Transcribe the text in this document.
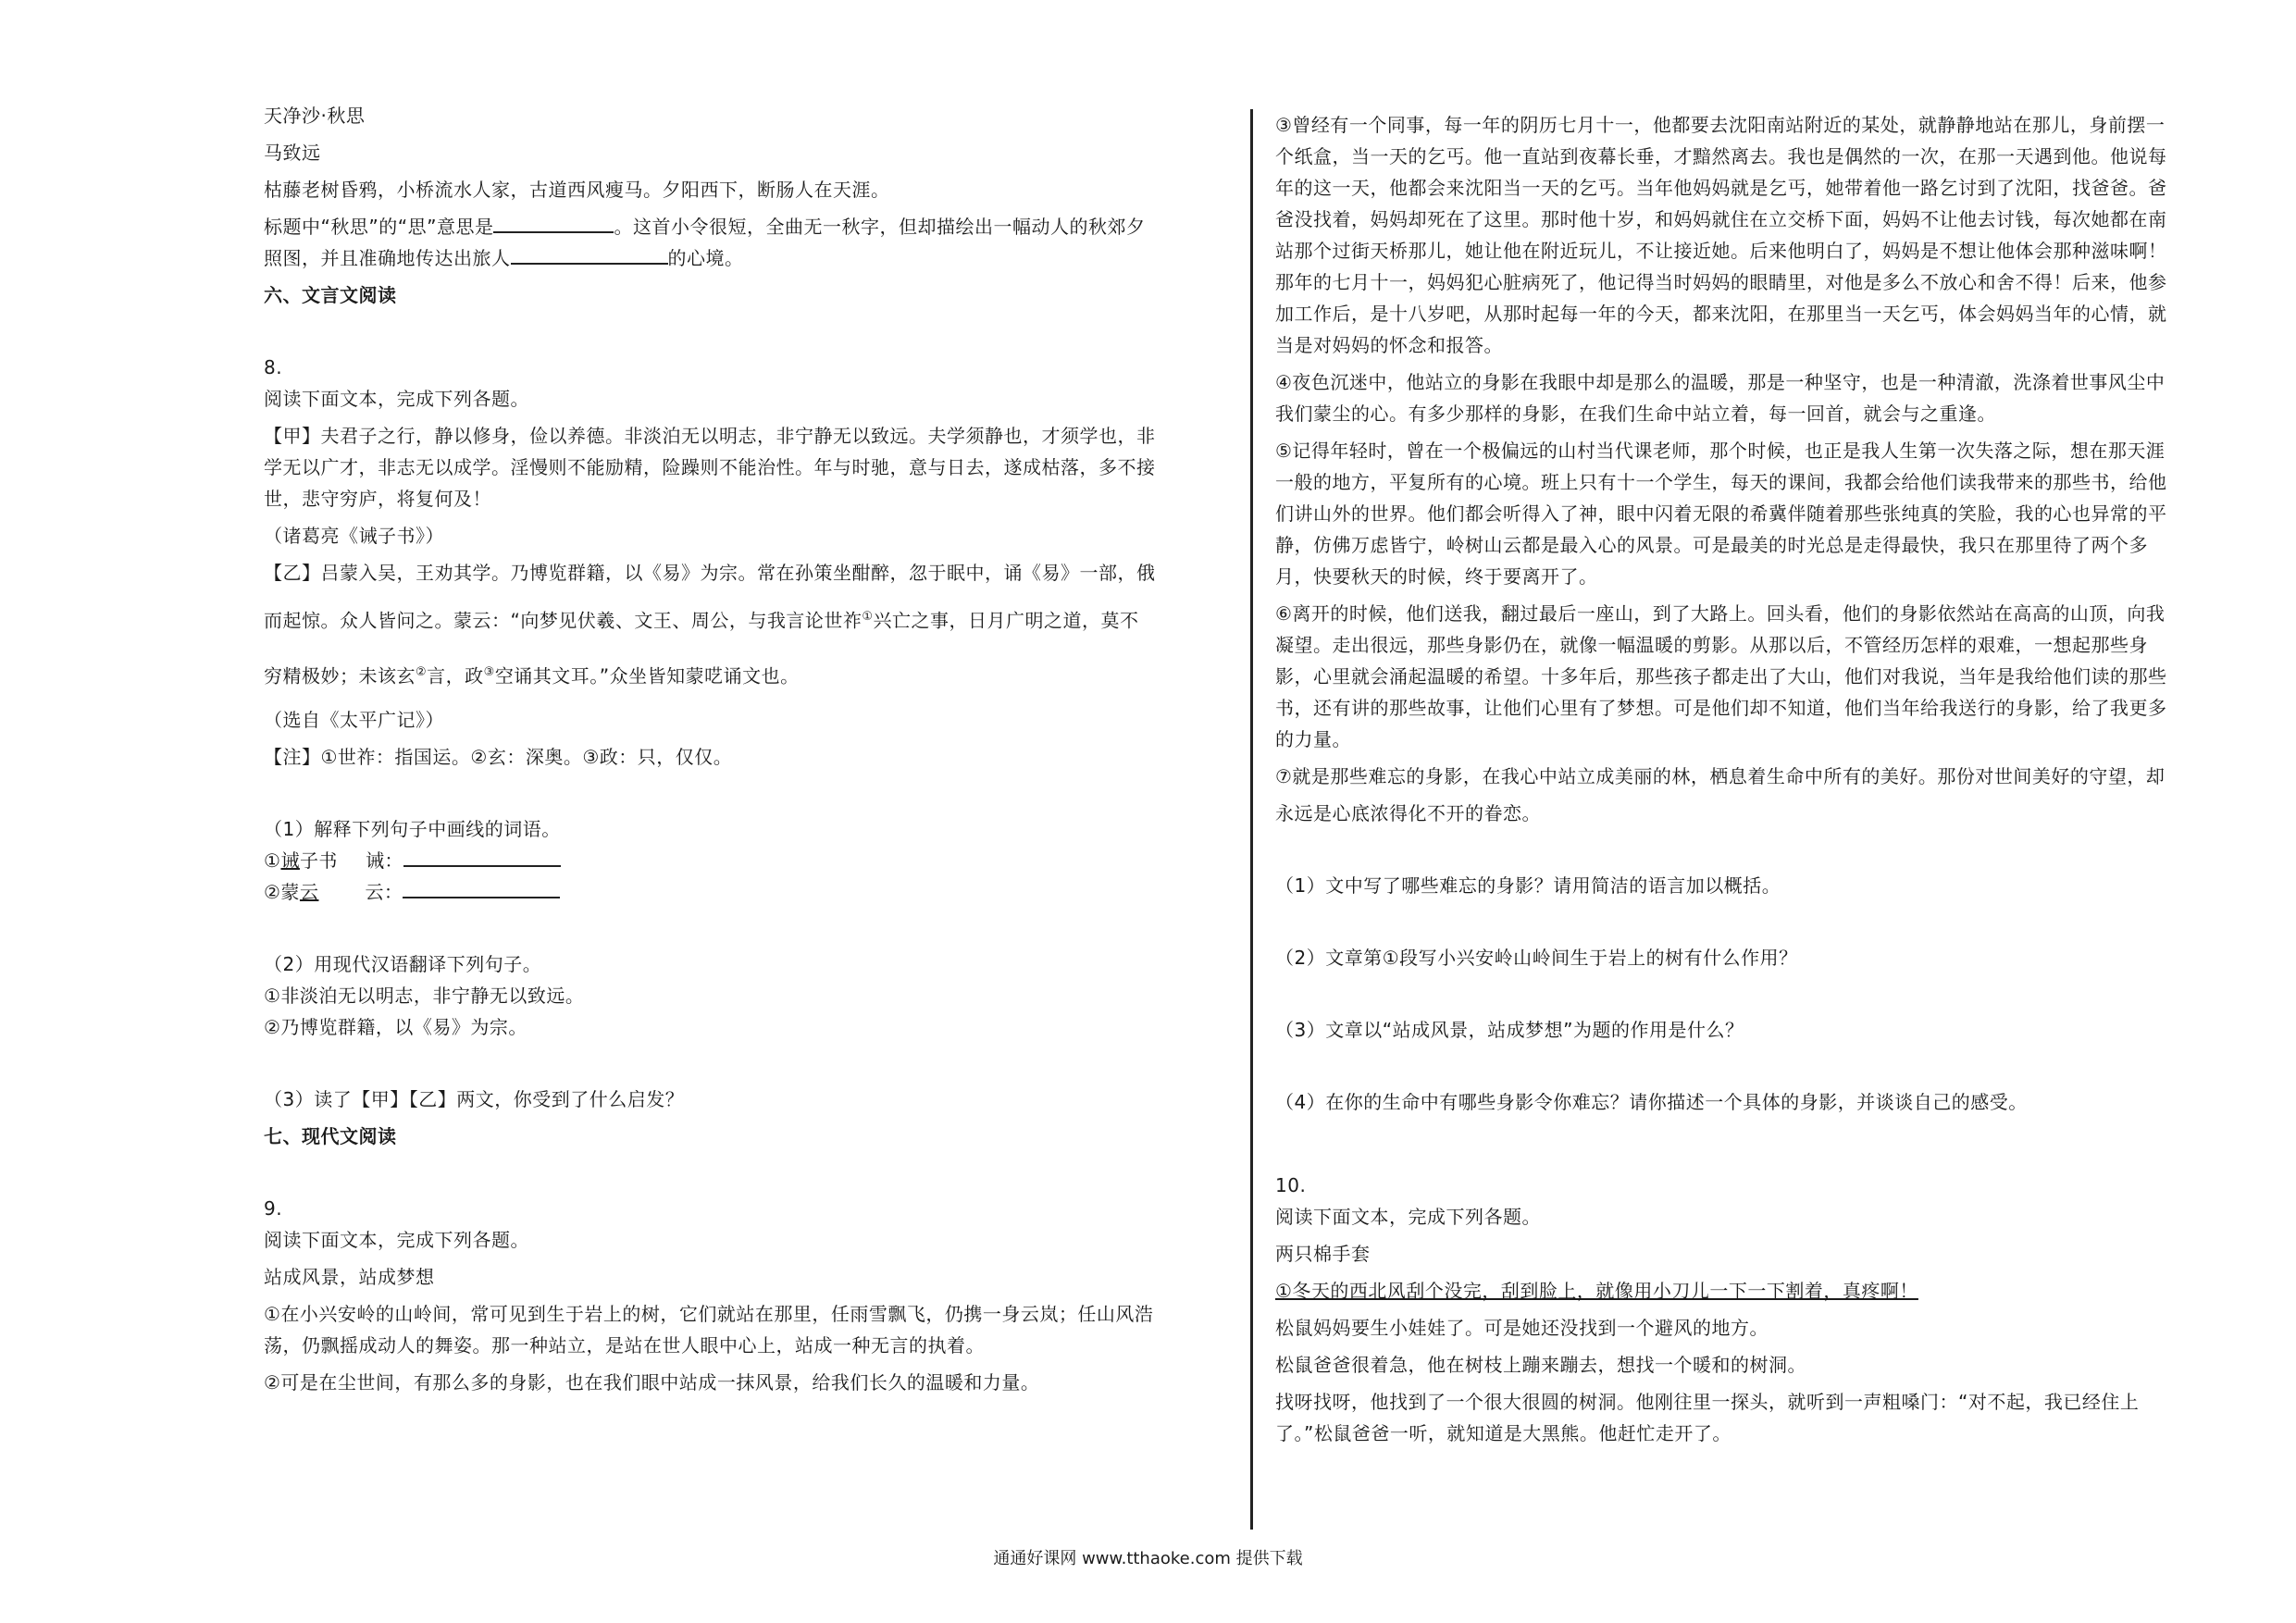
天净沙·秋思

马致远

枯藤老树昏鸦，小桥流水人家，古道西风瘦马。夕阳西下，断肠人在天涯。

标题中“秋思”的“思”意思是	。这首小令很短，全曲无一秋字，但却描绘出一幅动人的秋郊夕

照图，并且准确地传达出旅人	的心境。

六、文言文阅读

8.

阅读下面文本，完成下列各题。

【甲】夫君子之行，静以修身，俭以养德。非淡泊无以明志，非宁静无以致远。夫学须静也，才须学也，非

学无以广才，非志无以成学。淫慢则不能励精，险躁则不能治性。年与时驰，意与日去，遂成枯落，多不接

世，悲守穷庐，将复何及！

（诸葛亮《诫子书》）

【乙】吕蒙入吴，王劝其学。乃博览群籍，以《易》为宗。常在孙策坐酣醉，忽于眠中，诵《易》一部，俄

而起惊。众人皆问之。蒙云：“向梦见伏羲、文王、周公，与我言论世祚①兴亡之事，日月广明之道，莫不

穷精极妙；未该玄②言，政③空诵其文耳。”众坐皆知蒙呓诵文也。

（选自《太平广记》）

【注】①世祚：指国运。②玄：深奥。③政：只，仅仅。

（1）解释下列句子中画线的词语。

①诫子书 诫：

②蒙云	云：

（2）用现代汉语翻译下列句子。

①非淡泊无以明志，非宁静无以致远。

②乃博览群籍，以《易》为宗。

（3）读了【甲】【乙】两文，你受到了什么启发？

七、现代文阅读

9.

阅读下面文本，完成下列各题。

站成风景，站成梦想

①在小兴安岭的山岭间，常可见到生于岩上的树，它们就站在那里，任雨雪飘飞，仍携一身云岚；任山风浩

荡，仍飘摇成动人的舞姿。那一种站立，是站在世人眼中心上，站成一种无言的执着。

②可是在尘世间，有那么多的身影，也在我们眼中站成一抹风景，给我们长久的温暖和力量。

③曾经有一个同事，每一年的阴历七月十一，他都要去沈阳南站附近的某处，就静静地站在那儿，身前摆一

个纸盒，当一天的乞丐。他一直站到夜幕长垂，才黯然离去。我也是偶然的一次，在那一天遇到他。他说每

年的这一天，他都会来沈阳当一天的乞丐。当年他妈妈就是乞丐，她带着他一路乞讨到了沈阳，找爸爸。爸

爸没找着，妈妈却死在了这里。那时他十岁，和妈妈就住在立交桥下面，妈妈不让他去讨钱，每次她都在南

站那个过街天桥那儿，她让他在附近玩儿，不让接近她。后来他明白了，妈妈是不想让他体会那种滋味啊！

那年的七月十一，妈妈犯心脏病死了，他记得当时妈妈的眼睛里，对他是多么不放心和舍不得！后来，他参

加工作后，是十八岁吧，从那时起每一年的今天，都来沈阳，在那里当一天乞丐，体会妈妈当年的心情，就

当是对妈妈的怀念和报答。

④夜色沉迷中，他站立的身影在我眼中却是那么的温暖，那是一种坚守，也是一种清澈，洗涤着世事风尘中

我们蒙尘的心。有多少那样的身影，在我们生命中站立着，每一回首，就会与之重逢。

⑤记得年轻时，曾在一个极偏远的山村当代课老师，那个时候，也正是我人生第一次失落之际，想在那天涯

一般的地方，平复所有的心境。班上只有十一个学生，每天的课间，我都会给他们读我带来的那些书，给他

们讲山外的世界。他们都会听得入了神，眼中闪着无限的希冀伴随着那些张纯真的笑脸，我的心也异常的平

静，仿佛万虑皆宁，岭树山云都是最入心的风景。可是最美的时光总是走得最快，我只在那里待了两个多

月，快要秋天的时候，终于要离开了。

⑥离开的时候，他们送我，翻过最后一座山，到了大路上。回头看，他们的身影依然站在高高的山顶，向我

凝望。走出很远，那些身影仍在，就像一幅温暖的剪影。从那以后，不管经历怎样的艰难，一想起那些身

影，心里就会涌起温暖的希望。十多年后，那些孩子都走出了大山，他们对我说，当年是我给他们读的那些

书，还有讲的那些故事，让他们心里有了梦想。可是他们却不知道，他们当年给我送行的身影，给了我更多

的力量。

⑦就是那些难忘的身影，在我心中站立成美丽的林，栖息着生命中所有的美好。那份对世间美好的守望，却

永远是心底浓得化不开的眷恋。

（1）文中写了哪些难忘的身影？请用简洁的语言加以概括。

（2）文章第①段写小兴安岭山岭间生于岩上的树有什么作用？

（3）文章以“站成风景，站成梦想”为题的作用是什么？

（4）在你的生命中有哪些身影令你难忘？请你描述一个具体的身影，并谈谈自己的感受。

10.

阅读下面文本，完成下列各题。

两只棉手套

①冬天的西北风刮个没完，刮到脸上，就像用小刀儿一下一下割着，真疼啊！

松鼠妈妈要生小娃娃了。可是她还没找到一个避风的地方。

松鼠爸爸很着急，他在树枝上蹦来蹦去，想找一个暖和的树洞。

找呀找呀，他找到了一个很大很圆的树洞。他刚往里一探头，就听到一声粗嗓门：“对不起，我已经住上

了。”松鼠爸爸一听，就知道是大黑熊。他赶忙走开了。

通通好课网 www.tthaoke.com 提供下载
